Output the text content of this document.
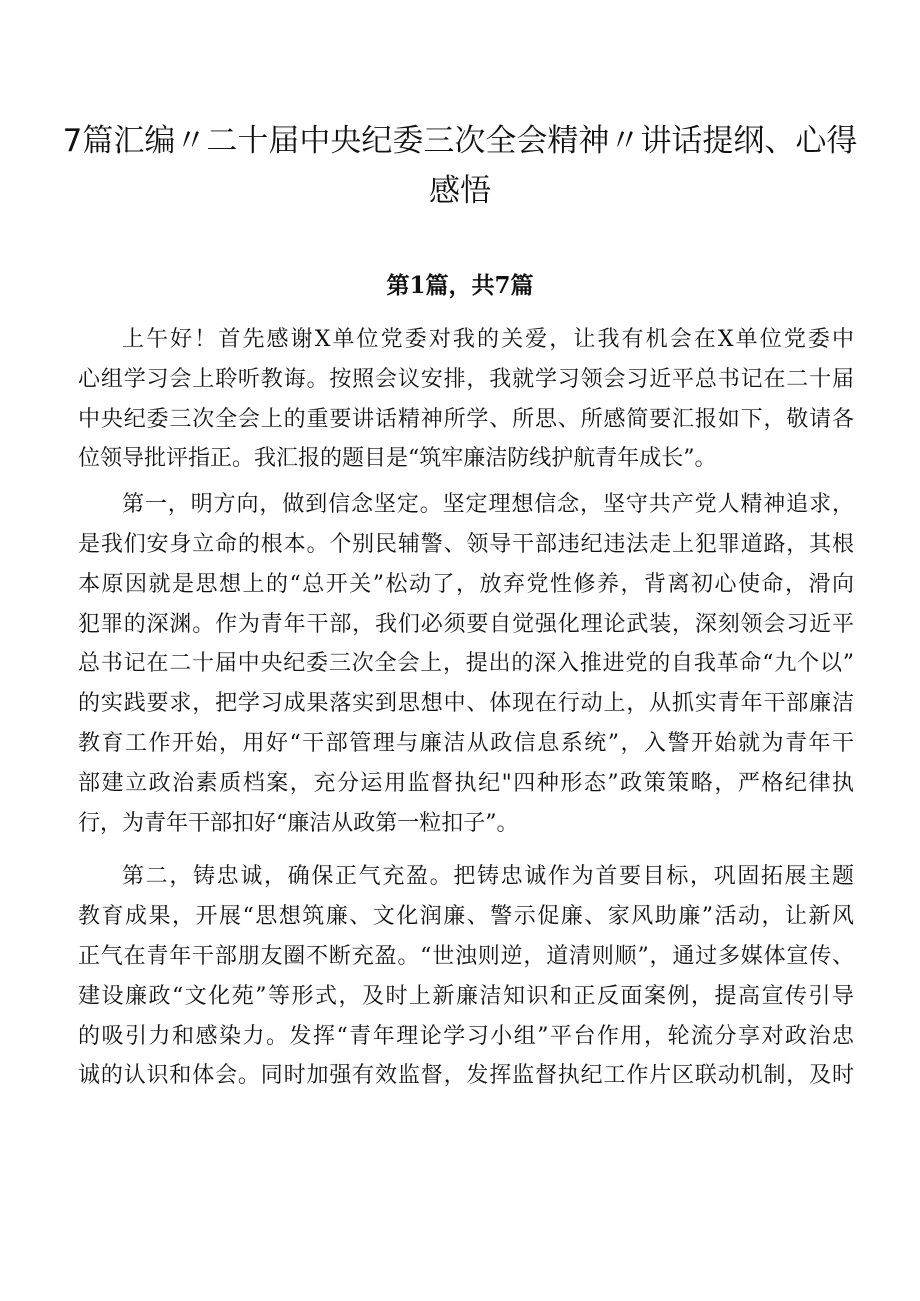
7篇汇编〃二十届中央纪委三次全会精神〃讲话提纲、心得
感悟
第1篇，共7篇

上午好！首先感谢X单位党委对我的关爱，让我有机会在X单位党委中
心组学习会上聆听教诲。按照会议安排，我就学习领会习近平总书记在二十届
中央纪委三次全会上的重要讲话精神所学、所思、所感简要汇报如下，敬请各
位领导批评指正。我汇报的题目是“筑牢廉洁防线护航青年成长”。

第一，明方向，做到信念坚定。坚定理想信念，坚守共产党人精神追求，
是我们安身立命的根本。个别民辅警、领导干部违纪违法走上犯罪道路，其根
本原因就是思想上的“总开关”松动了，放弃党性修养，背离初心使命，滑向
犯罪的深渊。作为青年干部，我们必须要自觉强化理论武装，深刻领会习近平
总书记在二十届中央纪委三次全会上，提出的深入推进党的自我革命“九个以”
的实践要求，把学习成果落实到思想中、体现在行动上，从抓实青年干部廉洁
教育工作开始，用好“干部管理与廉洁从政信息系统”，入警开始就为青年干
部建立政治素质档案，充分运用监督执纪"四种形态”政策策略，严格纪律执
行，为青年干部扣好“廉洁从政第一粒扣子”。

第二，铸忠诚，确保正气充盈。把铸忠诚作为首要目标，巩固拓展主题
教育成果，开展“思想筑廉、文化润廉、警示促廉、家风助廉”活动，让新风
正气在青年干部朋友圈不断充盈。“世浊则逆，道清则顺”，通过多媒体宣传、
建设廉政“文化苑”等形式，及时上新廉洁知识和正反面案例，提高宣传引导
的吸引力和感染力。发挥“青年理论学习小组”平台作用，轮流分享对政治忠
诚的认识和体会。同时加强有效监督，发挥监督执纪工作片区联动机制，及时
